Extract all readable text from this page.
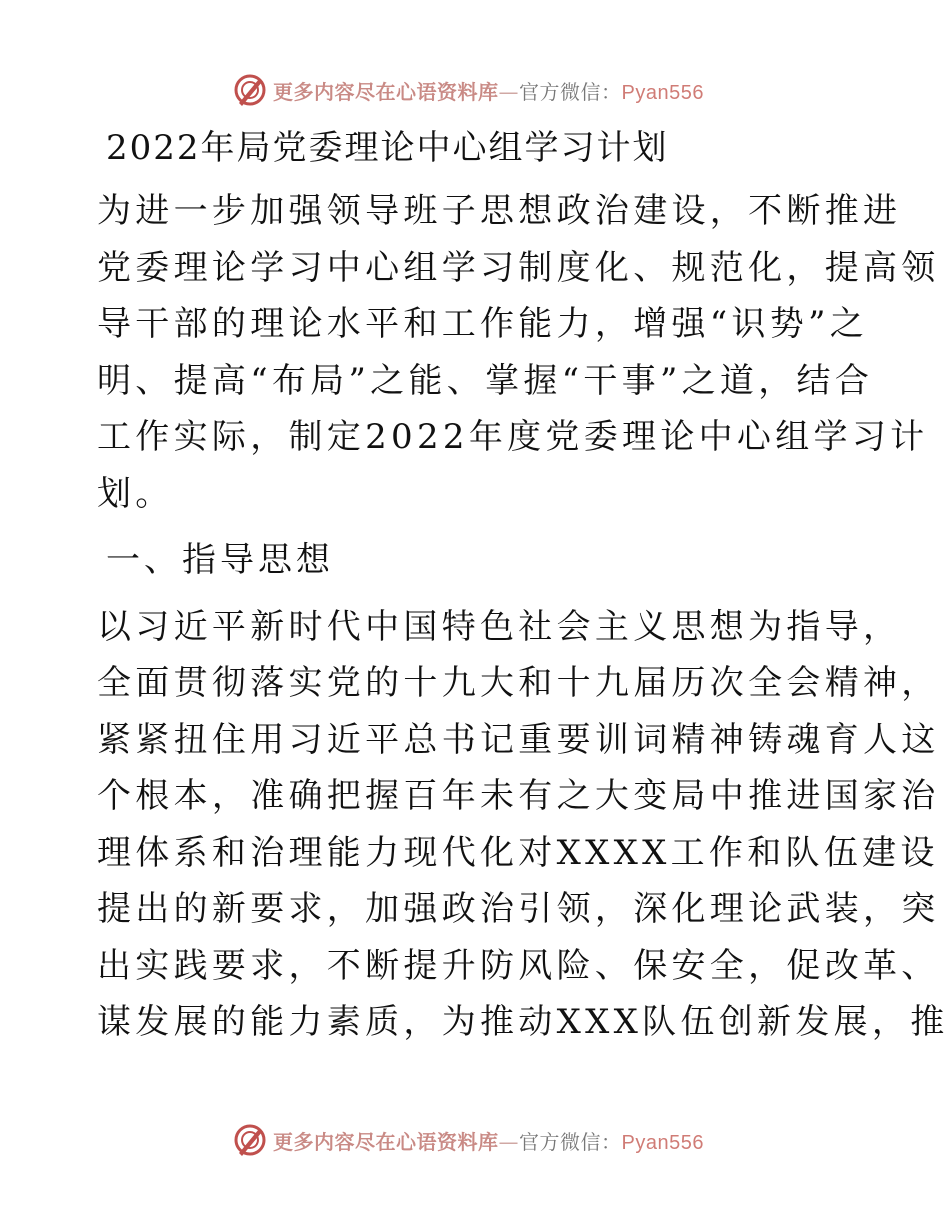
更多内容尽在心语资料库—官方微信：Pyan556
2022年局党委理论中心组学习计划

为进一步加强领导班子思想政治建设，不断推进
党委理论学习中心组学习制度化、规范化，提高领
导干部的理论水平和工作能力，增强“识势”之
明、提高“布局”之能、掌握“干事”之道，结合
工作实际，制定2022年度党委理论中心组学习计
划。

一、指导思想

以习近平新时代中国特色社会主义思想为指导，
全面贯彻落实党的十九大和十九届历次全会精神，
紧紧扭住用习近平总书记重要训词精神铸魂育人这
个根本，准确把握百年未有之大变局中推进国家治
理体系和治理能力现代化对XXXX工作和队伍建设
提出的新要求，加强政治引领，深化理论武装，突
出实践要求，不断提升防风险、保安全，促改革、
谋发展的能力素质，为推动XXX队伍创新发展，推

更多内容尽在心语资料库—官方微信：Pyan556
